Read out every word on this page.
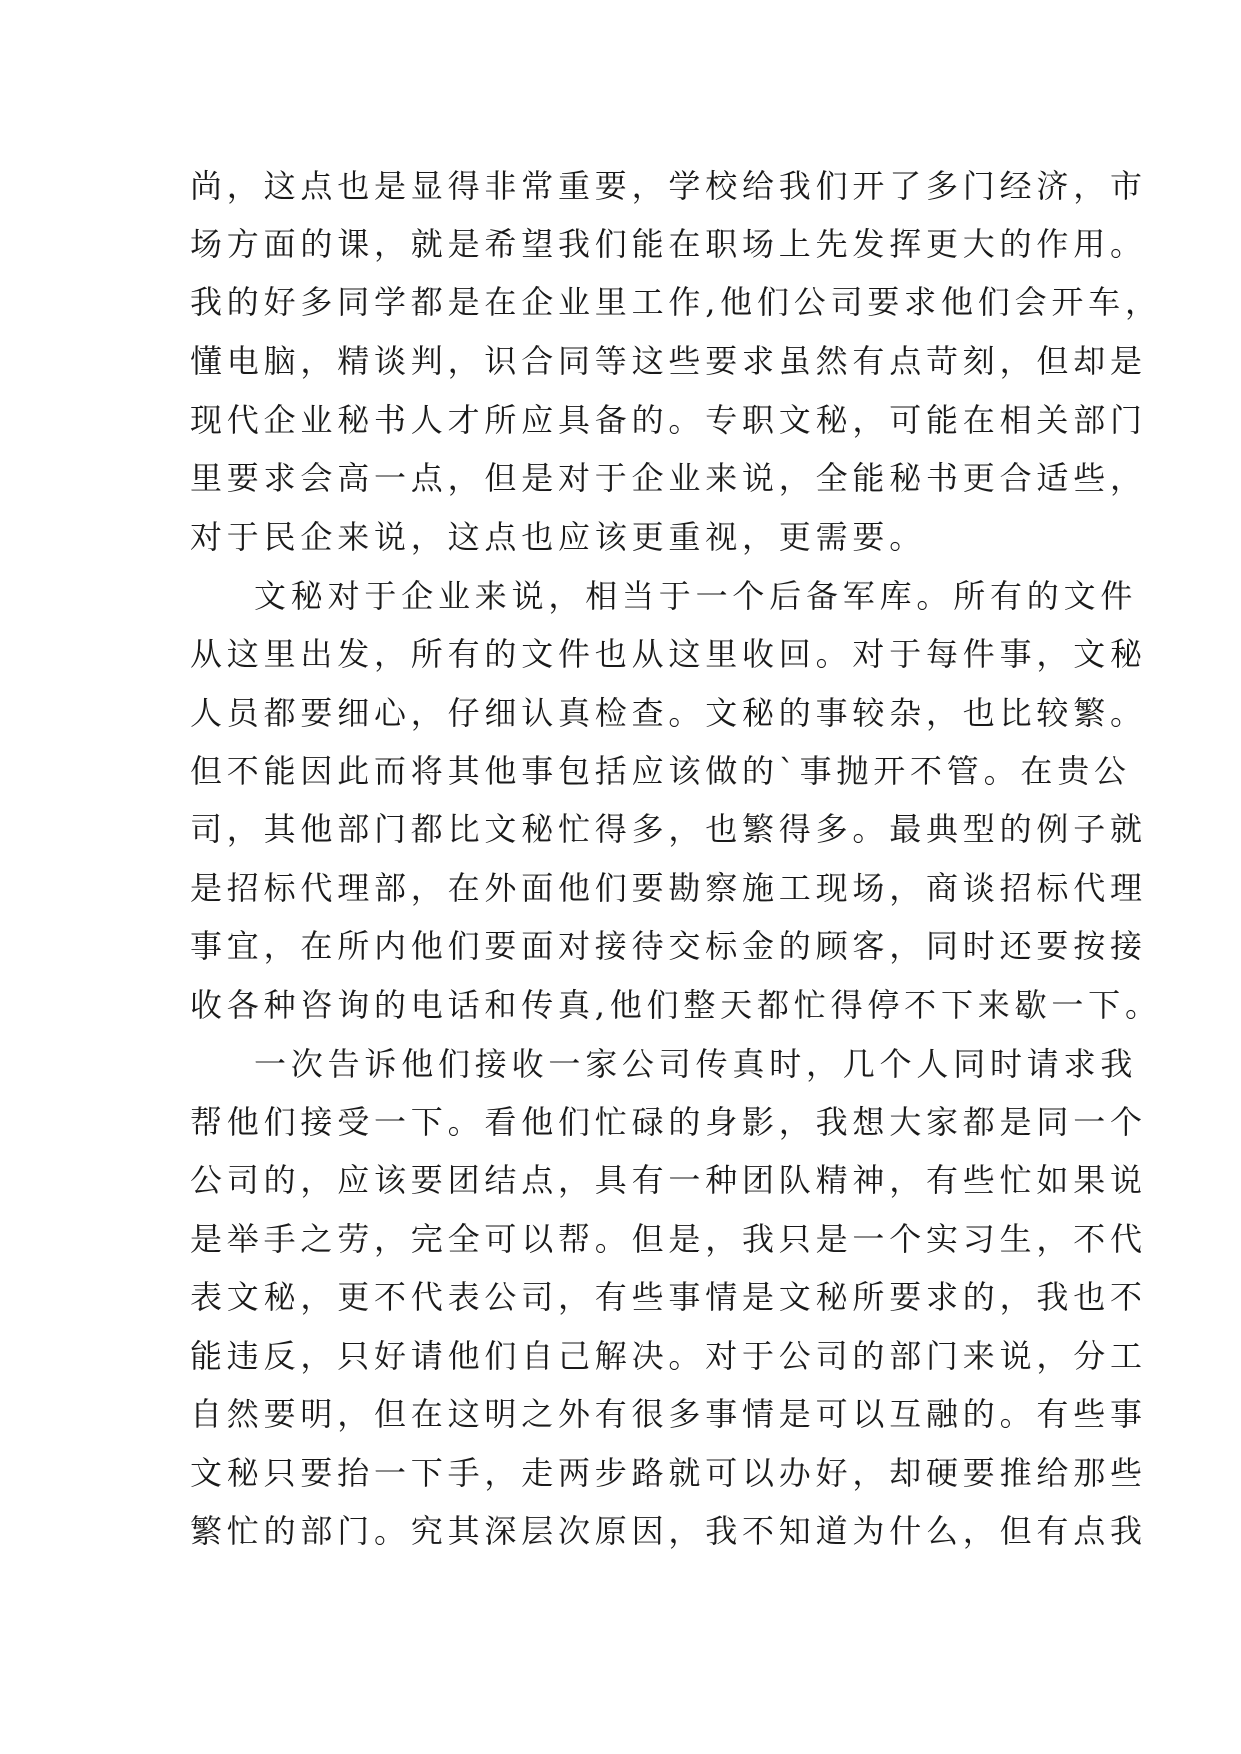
尚，这点也是显得非常重要，学校给我们开了多门经济，市
场方面的课，就是希望我们能在职场上先发挥更大的作用。
我的好多同学都是在企业里工作,他们公司要求他们会开车，
懂电脑，精谈判，识合同等这些要求虽然有点苛刻，但却是
现代企业秘书人才所应具备的。专职文秘，可能在相关部门
里要求会高一点，但是对于企业来说，全能秘书更合适些，
对于民企来说，这点也应该更重视，更需要。
文秘对于企业来说，相当于一个后备军库。所有的文件
从这里出发，所有的文件也从这里收回。对于每件事，文秘
人员都要细心，仔细认真检查。文秘的事较杂，也比较繁。
但不能因此而将其他事包括应该做的`事抛开不管。在贵公
司，其他部门都比文秘忙得多，也繁得多。最典型的例子就
是招标代理部，在外面他们要勘察施工现场，商谈招标代理
事宜，在所内他们要面对接待交标金的顾客，同时还要按接
收各种咨询的电话和传真,他们整天都忙得停不下来歇一下。
一次告诉他们接收一家公司传真时，几个人同时请求我
帮他们接受一下。看他们忙碌的身影，我想大家都是同一个
公司的，应该要团结点，具有一种团队精神，有些忙如果说
是举手之劳，完全可以帮。但是，我只是一个实习生，不代
表文秘，更不代表公司，有些事情是文秘所要求的，我也不
能违反，只好请他们自己解决。对于公司的部门来说，分工
自然要明，但在这明之外有很多事情是可以互融的。有些事
文秘只要抬一下手，走两步路就可以办好，却硬要推给那些
繁忙的部门。究其深层次原因，我不知道为什么，但有点我
